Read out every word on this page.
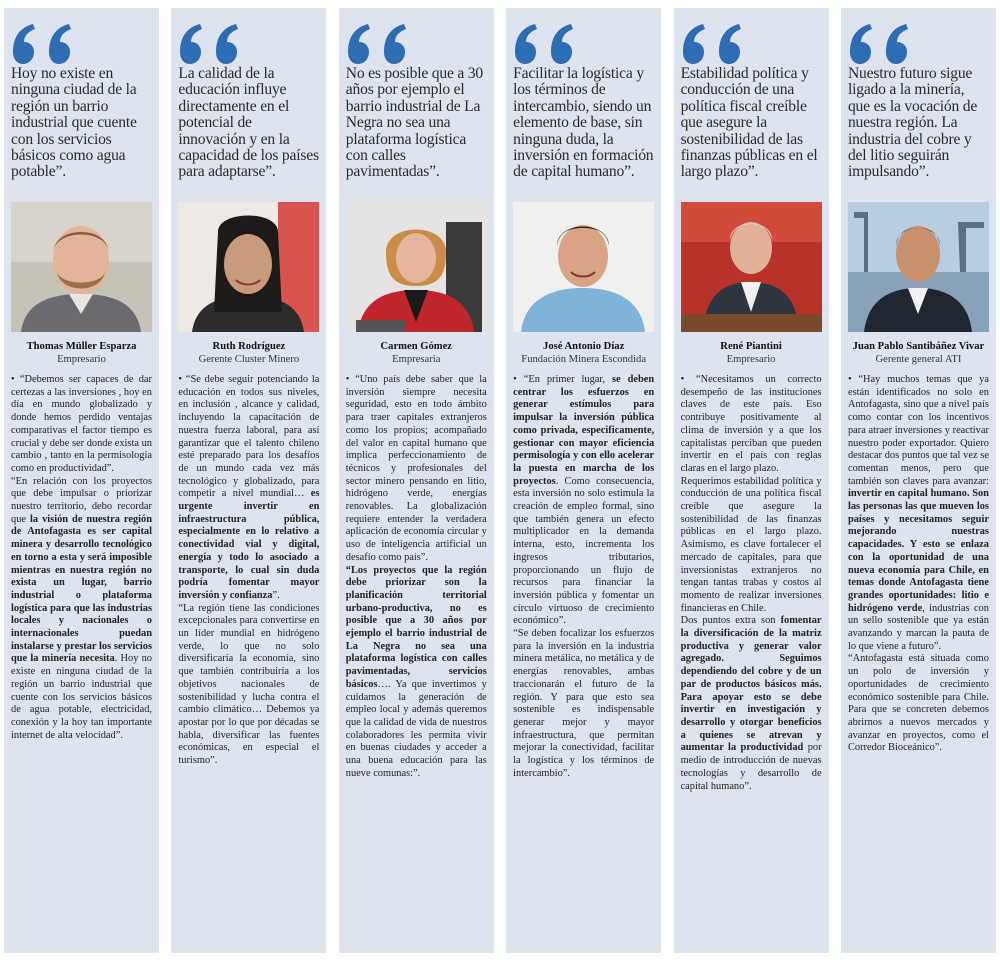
Hoy no existe en ninguna ciudad de la región un barrio industrial que cuente con los servicios básicos como agua potable”.
Thomas Müller Esparza
Empresario

• “Debemos ser capaces de dar certezas a las inversiones , hoy en día en mundo globalizado y donde hemos perdido ventajas comparativas el factor tiempo es crucial y debe ser donde exista un cambio , tanto en la permisología como en productividad”.

“En relación con los proyectos que debe impulsar o priorizar nuestro territorio, debo recordar que la visión de nuestra región de Antofagasta es ser capital minera y desarrollo tecnológico en torno a esta y será imposible mientras en nuestra región no exista un lugar, barrio industrial o plataforma logística para que las industrias locales y nacionales o internacionales puedan instalarse y prestar los servicios que la minería necesita. Hoy no existe en ninguna ciudad de la región un barrio industrial que cuente con los servicios básicos de agua potable, electricidad, conexión y la hoy tan importante internet de alta velocidad”.

La calidad de la educación influye directamente en el potencial de innovación y en la capacidad de los países para adaptarse”.
Ruth Rodríguez
Gerente Cluster Minero

• “Se debe seguir potenciando la educación en todos sus niveles, en inclusión , alcance y calidad, incluyendo la capacitación de nuestra fuerza laboral, para así garantizar que el talento chileno esté preparado para los desafíos de un mundo cada vez más tecnológico y globalizado, para competir a nivel mundial… es urgente invertir en infraestructura pública, especialmente en lo relativo a conectividad vial y digital, energía y todo lo asociado a transporte, lo cual sin duda podría fomentar mayor inversión y confianza”.

“La región tiene las condiciones excepcionales para convertirse en un líder mundial en hidrógeno verde, lo que no solo diversificaría la economía, sino que también contribuiría a los objetivos nacionales de sostenibilidad y lucha contra el cambio climático… Debemos ya apostar por lo que por décadas se habla, diversificar las fuentes económicas, en especial el turismo”.

No es posible que a 30 años por ejemplo el barrio industrial de La Negra no sea una plataforma logística con calles pavimentadas”.
Carmen Gómez
Empresaria

• “Uno país debe saber que la inversión siempre necesita seguridad, esto en todo ámbito para traer capitales extranjeros como los propios; acompañado del valor en capital humano que implica perfeccionamiento de técnicos y profesionales del sector minero pensando en litio, hidrógeno verde, energías renovables. La globalización requiere entender la verdadera aplicación de economía circular y uso de inteligencia artificial un desafío como país”.

“Los proyectos que la región debe priorizar son la planificación territorial urbano-productiva, no es posible que a 30 años por ejemplo el barrio industrial de La Negra no sea una plataforma logística con calles pavimentadas, servicios básicos…. Ya que invertimos y cuidamos la generación de empleo local y además queremos que la calidad de vida de nuestros colaboradores les permita vivir en buenas ciudades y acceder a una buena educación para las nueve comunas:”.

Facilitar la logística y los términos de intercambio, siendo un elemento de base, sin ninguna duda, la inversión en formación de capital humano”.
José Antonio Díaz
Fundación Minera Escondida

• “En primer lugar, se deben centrar los esfuerzos en generar estímulos para impulsar la inversión pública como privada, especificamente, gestionar con mayor eficiencia permisología y con ello acelerar la puesta en marcha de los proyectos. Como consecuencia, esta inversión no solo estimula la creación de empleo formal, sino que también genera un efecto multiplicador en la demanda interna, esto, incrementa los ingresos tributarios, proporcionando un flujo de recursos para financiar la inversión pública y fomentar un círculo virtuoso de crecimiento económico”.

“Se deben focalizar los esfuerzos para la inversión en la industria minera metálica, no metálica y de energías renovables, ambas traccionarán el futuro de la región. Y para que esto sea sostenible es indispensable generar mejor y mayor infraestructura, que permitan mejorar la conectividad, facilitar la logística y los términos de intercambio”.

Estabilidad política y conducción de una política fiscal creíble que asegure la sostenibilidad de las finanzas públicas en el largo plazo”.
René Piantini
Empresario

• “Necesitamos un correcto desempeño de las instituciones claves de este país. Eso contribuye positivamente al clima de inversión y a que los capitalistas perciban que pueden invertir en el país con reglas claras en el largo plazo.

Requerimos estabilidad política y conducción de una política fiscal creíble que asegure la sostenibilidad de las finanzas públicas en el largo plazo. Asimismo, es clave fortalecer el mercado de capitales, para que inversionistas extranjeros no tengan tantas trabas y costos al momento de realizar inversiones financieras en Chile.

Dos puntos extra son fomentar la diversificación de la matriz productiva y generar valor agregado. Seguimos dependiendo del cobre y de un par de productos básicos más. Para apoyar esto se debe invertir en investigación y desarrollo y otorgar beneficios a quienes se atrevan y aumentar la productividad por medio de introducción de nuevas tecnologías y desarrollo de capital humano”.

Nuestro futuro sigue ligado a la minería, que es la vocación de nuestra región. La industria del cobre y del litio seguirán impulsando”.
Juan Pablo Santibáñez Vivar
Gerente general ATI

• “Hay muchos temas que ya están identificados no solo en Antofagasta, sino que a nivel país como contar con los incentivos para atraer inversiones y reactivar nuestro poder exportador. Quiero destacar dos puntos que tal vez se comentan menos, pero que también son claves para avanzar: invertir en capital humano. Son las personas las que mueven los países y necesitamos seguir mejorando nuestras capacidades. Y esto se enlaza con la oportunidad de una nueva economía para Chile, en temas donde Antofagasta tiene grandes oportunidades: litio e hidrógeno verde, industrias con un sello sostenible que ya están avanzando y marcan la pauta de lo que viene a futuro”.

“Antofagasta está situada como un polo de inversión y oportunidades de crecimiento económico sostenible para Chile. Para que se concreten debemos abrirnos a nuevos mercados y avanzar en proyectos, como el Corredor Bioceánico”.
